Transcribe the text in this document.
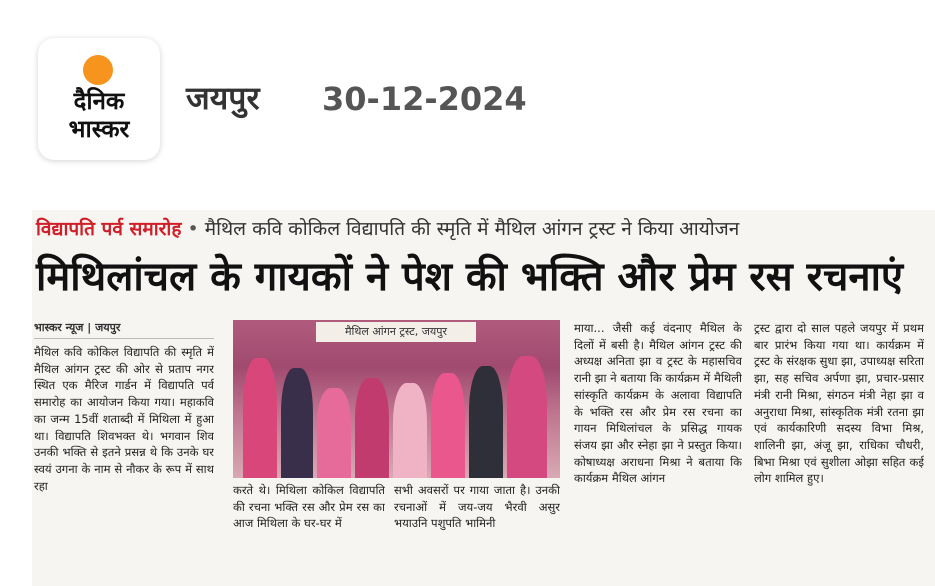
दैनिक
भास्कर
जयपुर 30-12-2024
विद्यापति पर्व समारोह • मैथिल कवि कोकिल विद्यापति की स्मृति में मैथिल आंगन ट्रस्ट ने किया आयोजन
मिथिलांचल के गायकों ने पेश की भक्ति और प्रेम रस रचनाएं
भास्कर न्यूज | जयपुर
मैथिल कवि कोकिल विद्यापति की स्मृति में मैथिल आंगन ट्रस्ट की ओर से प्रताप नगर स्थित एक मैरिज गार्डन में विद्यापति पर्व समारोह का आयोजन किया गया। महाकवि का जन्म 15वीं शताब्दी में मिथिला में हुआ था। विद्यापति शिवभक्त थे। भगवान शिव उनकी भक्ति से इतने प्रसन्न थे कि उनके घर स्वयं उगना के नाम से नौकर के रूप में साथ रहा
मैथिल आंगन ट्रस्ट, जयपुर
करते थे। मिथिला कोकिल विद्यापति की रचना भक्ति रस और प्रेम रस का आज मिथिला के घर-घर में
सभी अवसरों पर गाया जाता है। उनकी रचनाओं में जय-जय भैरवी असुर भयाउनि पशुपति भामिनी
माया... जैसी कई वंदनाए मैथिल के दिलों में बसी है। मैथिल आंगन ट्रस्ट की अध्यक्ष अनिता झा व ट्रस्ट के महासचिव रानी झा ने बताया कि कार्यक्रम में मैथिली सांस्कृति कार्यक्रम के अलावा विद्यापति के भक्ति रस और प्रेम रस रचना का गायन मिथिलांचल के प्रसिद्ध गायक संजय झा और स्नेहा झा ने प्रस्तुत किया। कोषाध्यक्ष अराधना मिश्रा ने बताया कि कार्यक्रम मैथिल आंगन
ट्रस्ट द्वारा दो साल पहले जयपुर में प्रथम बार प्रारंभ किया गया था। कार्यक्रम में ट्रस्ट के संरक्षक सुधा झा, उपाध्यक्ष सरिता झा, सह सचिव अर्पणा झा, प्रचार-प्रसार मंत्री रानी मिश्रा, संगठन मंत्री नेहा झा व अनुराधा मिश्रा, सांस्कृतिक मंत्री रतना झा एवं कार्यकारिणी सदस्य विभा मिश्र, शालिनी झा, अंजू झा, राधिका चौधरी, बिभा मिश्रा एवं सुशीला ओझा सहित कई लोग शामिल हुए।
